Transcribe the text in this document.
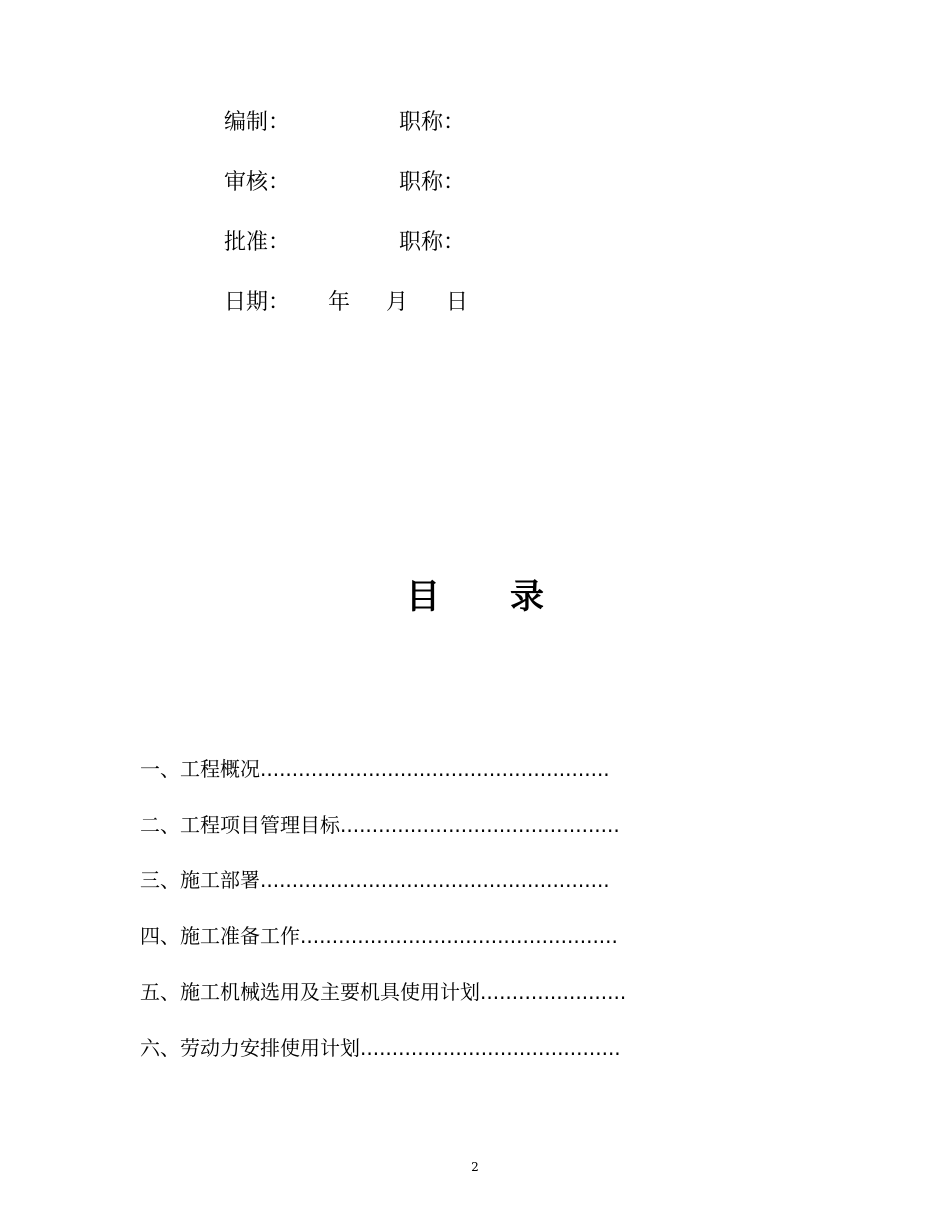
编制：	职称：
审核：	职称：
批准：	职称：
日期： 年 月 日
目 录
一、工程概况.......................................................
二、工程项目管理目标............................................
三、施工部署.......................................................
四、施工准备工作..................................................
五、施工机械选用及主要机具使用计划.......................
六、劳动力安排使用计划.........................................
2
